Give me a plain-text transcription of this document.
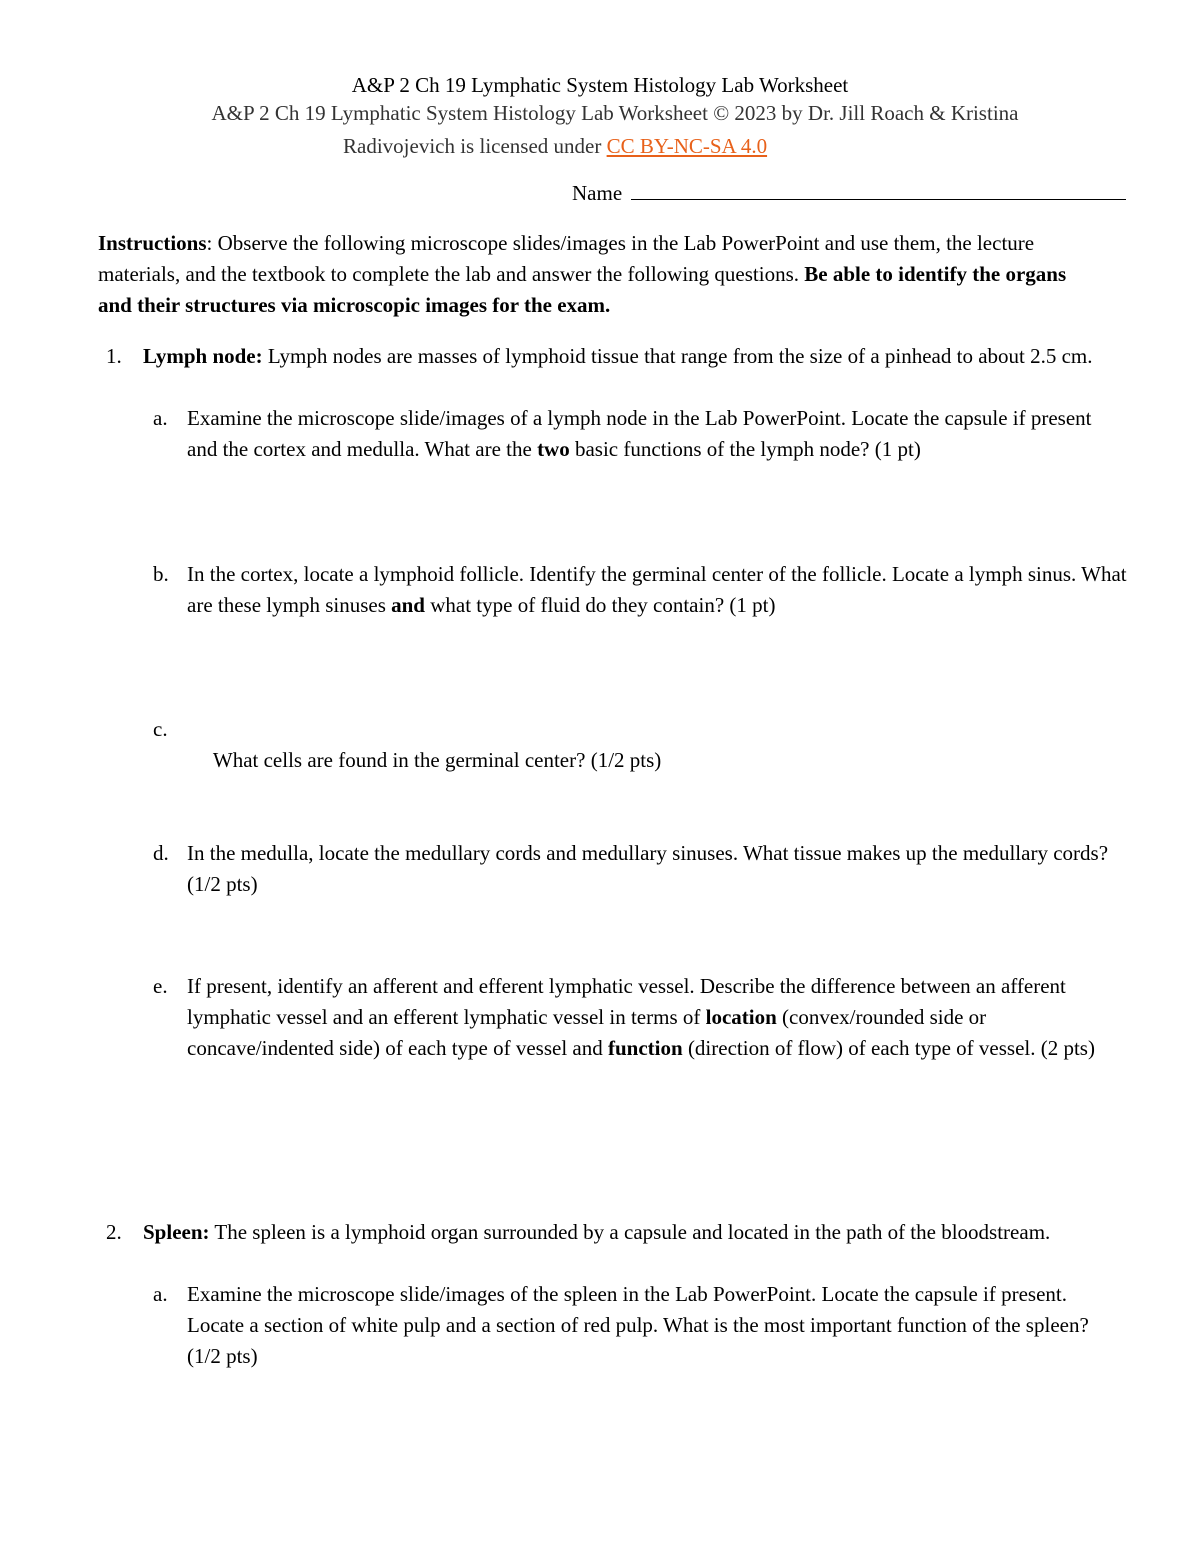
A&P 2 Ch 19 Lymphatic System Histology Lab Worksheet
A&P 2 Ch 19 Lymphatic System Histology Lab Worksheet © 2023 by Dr. Jill Roach & Kristina
Radivojevich is licensed under CC BY-NC-SA 4.0
Name
Instructions: Observe the following microscope slides/images in the Lab PowerPoint and use them, the lecture materials, and the textbook to complete the lab and answer the following questions. Be able to identify the organs and their structures via microscopic images for the exam.
1. Lymph node: Lymph nodes are masses of lymphoid tissue that range from the size of a pinhead to about 2.5 cm.
a. Examine the microscope slide/images of a lymph node in the Lab PowerPoint. Locate the capsule if present and the cortex and medulla. What are the two basic functions of the lymph node? (1 pt)
b. In the cortex, locate a lymphoid follicle. Identify the germinal center of the follicle. Locate a lymph sinus. What are these lymph sinuses and what type of fluid do they contain? (1 pt)
c.

What cells are found in the germinal center? (1/2 pts)

d. In the medulla, locate the medullary cords and medullary sinuses. What tissue makes up the medullary cords? (1/2 pts)
e. If present, identify an afferent and efferent lymphatic vessel. Describe the difference between an afferent lymphatic vessel and an efferent lymphatic vessel in terms of location (convex/rounded side or concave/indented side) of each type of vessel and function (direction of flow) of each type of vessel. (2 pts)
2. Spleen: The spleen is a lymphoid organ surrounded by a capsule and located in the path of the bloodstream.
a. Examine the microscope slide/images of the spleen in the Lab PowerPoint. Locate the capsule if present. Locate a section of white pulp and a section of red pulp. What is the most important function of the spleen? (1/2 pts)
